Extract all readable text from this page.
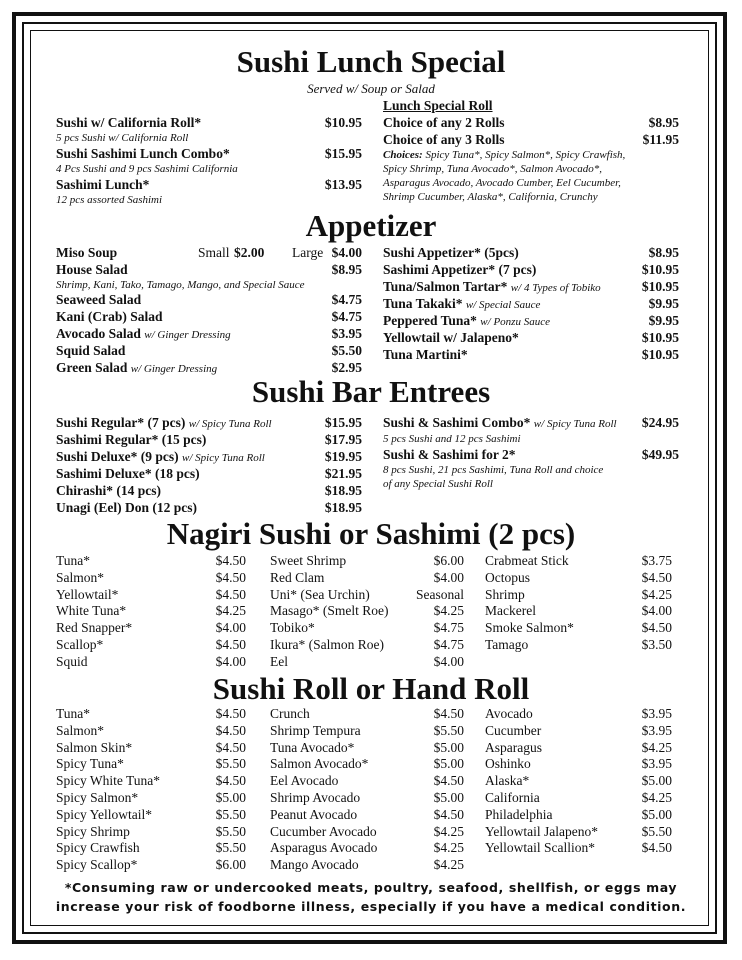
Sushi Lunch Special
Served w/ Soup or Salad
Sushi w/ California Roll*	$10.95
5 pcs Sushi w/ California Roll
Sushi Sashimi Lunch Combo*	$15.95
4 Pcs Sushi and 9 pcs Sashimi California
Sashimi Lunch*	$13.95
12 pcs assorted Sashimi
Lunch Special Roll
Choice of any 2 Rolls	$8.95
Choice of any 3 Rolls	$11.95
Choices: Spicy Tuna*, Spicy Salmon*, Spicy Crawfish,
Spicy Shrimp, Tuna Avocado*, Salmon Avocado*,
Asparagus Avocado, Avocado Cumber, Eel Cucumber,
Shrimp Cucumber, Alaska*, California, Crunchy
Appetizer
Miso Soup	Small $2.00 Large $4.00
House Salad	$8.95
Shrimp, Kani, Tako, Tamago, Mango, and Special Sauce
Seaweed Salad	$4.75
Kani (Crab) Salad	$4.75
Avocado Salad w/ Ginger Dressing	$3.95
Squid Salad	$5.50
Green Salad w/ Ginger Dressing	$2.95
Sushi Appetizer* (5pcs)	$8.95
Sashimi Appetizer* (7 pcs)	$10.95
Tuna/Salmon Tartar* w/ 4 Types of Tobiko	$10.95
Tuna Takaki* w/ Special Sauce	$9.95
Peppered Tuna* w/ Ponzu Sauce	$9.95
Yellowtail w/ Jalapeno*	$10.95
Tuna Martini*	$10.95
Sushi Bar Entrees
Sushi Regular* (7 pcs) w/ Spicy Tuna Roll	$15.95
Sashimi Regular* (15 pcs)	$17.95
Sushi Deluxe* (9 pcs) w/ Spicy Tuna Roll	$19.95
Sashimi Deluxe* (18 pcs)	$21.95
Chirashi* (14 pcs)	$18.95
Unagi (Eel) Don (12 pcs)	$18.95
Sushi & Sashimi Combo* w/ Spicy Tuna Roll	$24.95
5 pcs Sushi and 12 pcs Sashimi
Sushi & Sashimi for 2*	$49.95
8 pcs Sushi, 21 pcs Sashimi, Tuna Roll and choice
of any Special Sushi Roll
Nagiri Sushi or Sashimi (2 pcs)
Tuna*	$4.50
Salmon*	$4.50
Yellowtail*	$4.50
White Tuna*	$4.25
Red Snapper*	$4.00
Scallop*	$4.50
Squid	$4.00
Sweet Shrimp	$6.00
Red Clam	$4.00
Uni* (Sea Urchin)	Seasonal
Masago* (Smelt Roe)	$4.25
Tobiko*	$4.75
Ikura* (Salmon Roe)	$4.75
Eel	$4.00
Crabmeat Stick	$3.75
Octopus	$4.50
Shrimp	$4.25
Mackerel	$4.00
Smoke Salmon*	$4.50
Tamago	$3.50
Sushi Roll or Hand Roll
Tuna*	$4.50
Salmon*	$4.50
Salmon Skin*	$4.50
Spicy Tuna*	$5.50
Spicy White Tuna*	$4.50
Spicy Salmon*	$5.00
Spicy Yellowtail*	$5.50
Spicy Shrimp	$5.50
Spicy Crawfish	$5.50
Spicy Scallop*	$6.00
Crunch	$4.50
Shrimp Tempura	$5.50
Tuna Avocado*	$5.00
Salmon Avocado*	$5.00
Eel Avocado	$4.50
Shrimp Avocado	$5.00
Peanut Avocado	$4.50
Cucumber Avocado	$4.25
Asparagus Avocado	$4.25
Mango Avocado	$4.25
Avocado	$3.95
Cucumber	$3.95
Asparagus	$4.25
Oshinko	$3.95
Alaska*	$5.00
California	$4.25
Philadelphia	$5.00
Yellowtail Jalapeno*	$5.50
Yellowtail Scallion*	$4.50
*Consuming raw or undercooked meats, poultry, seafood, shellfish, or eggs may
increase your risk of foodborne illness, especially if you have a medical condition.
